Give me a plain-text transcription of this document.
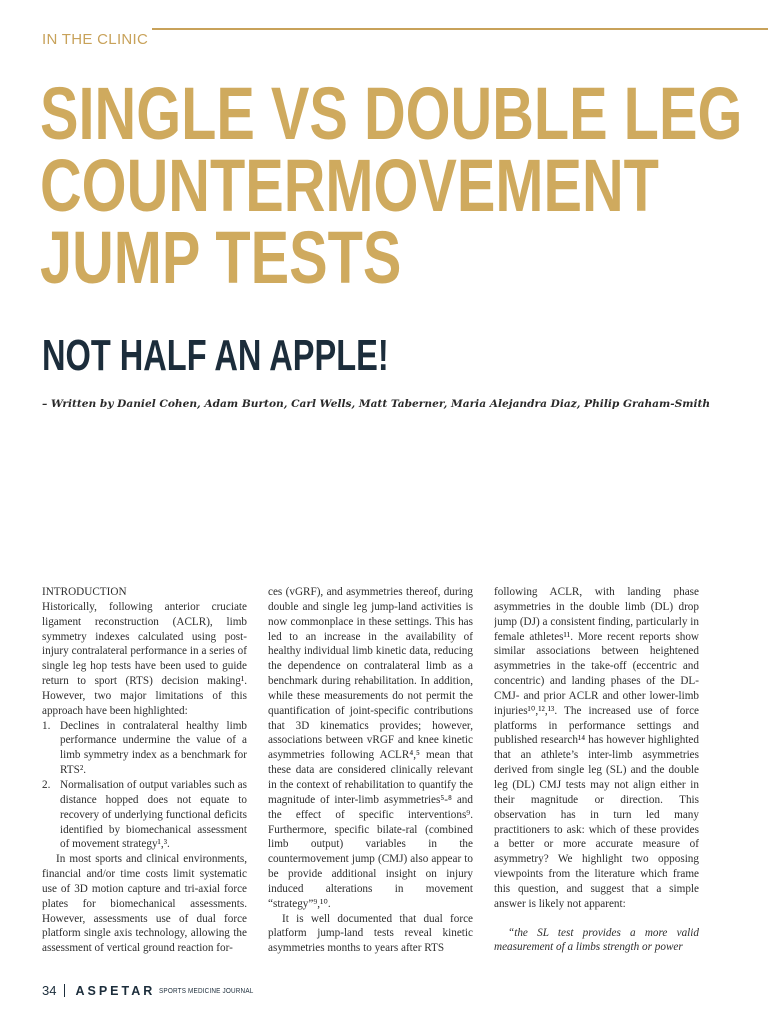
IN THE CLINIC
SINGLE VS DOUBLE LEG
COUNTERMOVEMENT
JUMP TESTS
NOT HALF AN APPLE!
– Written by Daniel Cohen, Adam Burton, Carl Wells, Matt Taberner, Maria Alejandra Diaz, Philip Graham-Smith

INTRODUCTION

Historically, following anterior cruciate ligament reconstruction (ACLR), limb symmetry indexes calculated using post-injury contralateral performance in a series of single leg hop tests have been used to guide return to sport (RTS) decision making¹. However, two major limitations of this approach have been highlighted:

1. Declines in contralateral healthy limb performance undermine the value of a limb symmetry index as a benchmark for RTS².
2. Normalisation of output variables such as distance hopped does not equate to recovery of underlying functional deficits identified by biomechanical assessment of movement strategy¹,³.

In most sports and clinical environments, financial and/or time costs limit systematic use of 3D motion capture and tri-axial force plates for biomechanical assessments. However, assessments use of dual force platform single axis technology, allowing the assessment of vertical ground reaction for-

ces (vGRF), and asymmetries thereof, during double and single leg jump-land activities is now commonplace in these settings. This has led to an increase in the availability of healthy individual limb kinetic data, reducing the dependence on contralateral limb as a benchmark during rehabilitation. In addition, while these measurements do not permit the quantification of joint-specific contributions that 3D kinematics provides; however, associations between vRGF and knee kinetic asymmetries following ACLR⁴,⁵ mean that these data are considered clinically relevant in the context of rehabilitation to quantify the magnitude of inter-limb asymmetries⁵-⁸ and the effect of specific interventions⁹. Furthermore, specific bilate-ral (combined limb output) variables in the countermovement jump (CMJ) also appear to be provide additional insight on injury induced alterations in movement “strategy”⁹,¹⁰.

It is well documented that dual force platform jump-land tests reveal kinetic asymmetries months to years after RTS

following ACLR, with landing phase asymmetries in the double limb (DL) drop jump (DJ) a consistent finding, particularly in female athletes¹¹. More recent reports show similar associations between heightened asymmetries in the take-off (eccentric and concentric) and landing phases of the DL- CMJ- and prior ACLR and other lower-limb injuries¹⁰,¹²,¹³. The increased use of force platforms in performance settings and published research¹⁴ has however highlighted that an athlete’s inter-limb asymmetries derived from single leg (SL) and the double leg (DL) CMJ tests may not align either in their magnitude or direction. This observation has in turn led many practitioners to ask: which of these provides a better or more accurate measure of asymmetry? We highlight two opposing viewpoints from the literature which frame this question, and suggest that a simple answer is likely not apparent:

“the SL test provides a more valid measurement of a limbs strength or power

34 ASPETAR SPORTS MEDICINE JOURNAL
